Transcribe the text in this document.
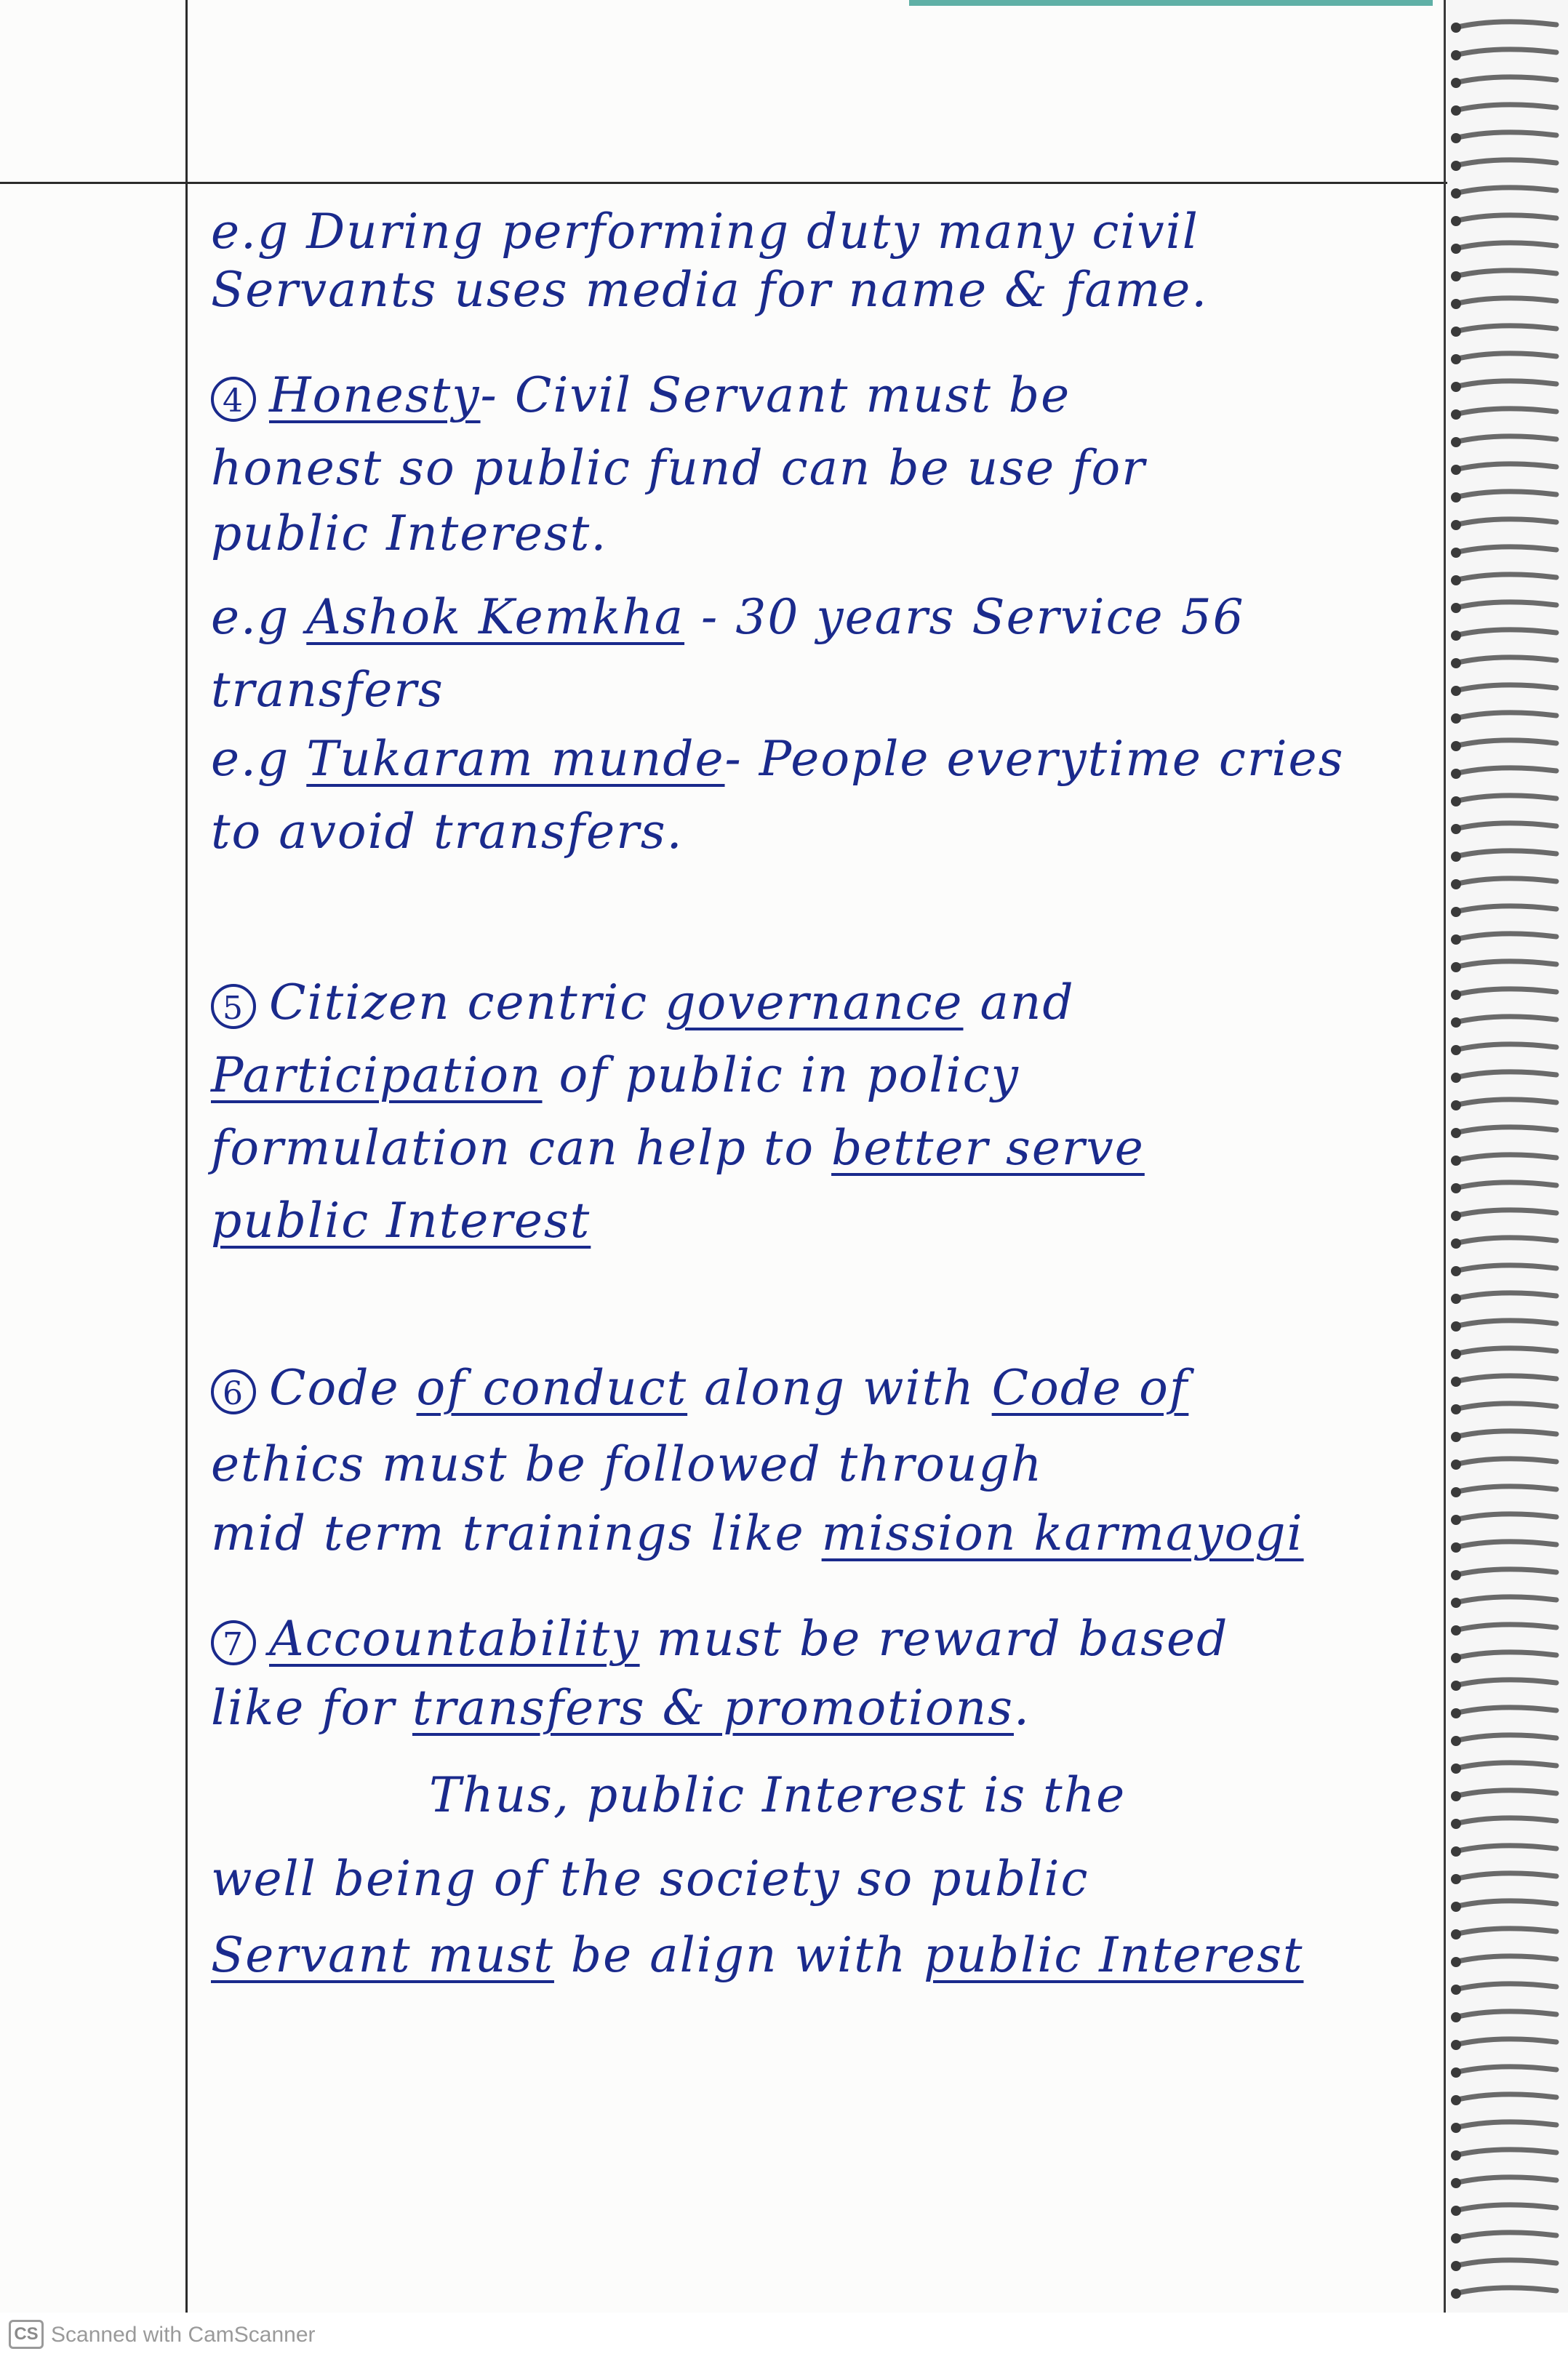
e.g During performing duty many civil
Servants uses media for name & fame.
4 Honesty- Civil Servant must be
honest so public fund can be use for
public Interest.
e.g Ashok Kemkha - 30 years Service 56
transfers
e.g Tukaram munde- People everytime cries
to avoid transfers.
5 Citizen centric governance and
Participation of public in policy
formulation can help to better serve
public Interest
6 Code of conduct along with Code of
ethics must be followed through
mid term trainings like mission karmayogi
7 Accountability must be reward based
like for transfers & promotions.
Thus, public Interest is the
well being of the society so public
Servant must be align with public Interest
CS Scanned with CamScanner
